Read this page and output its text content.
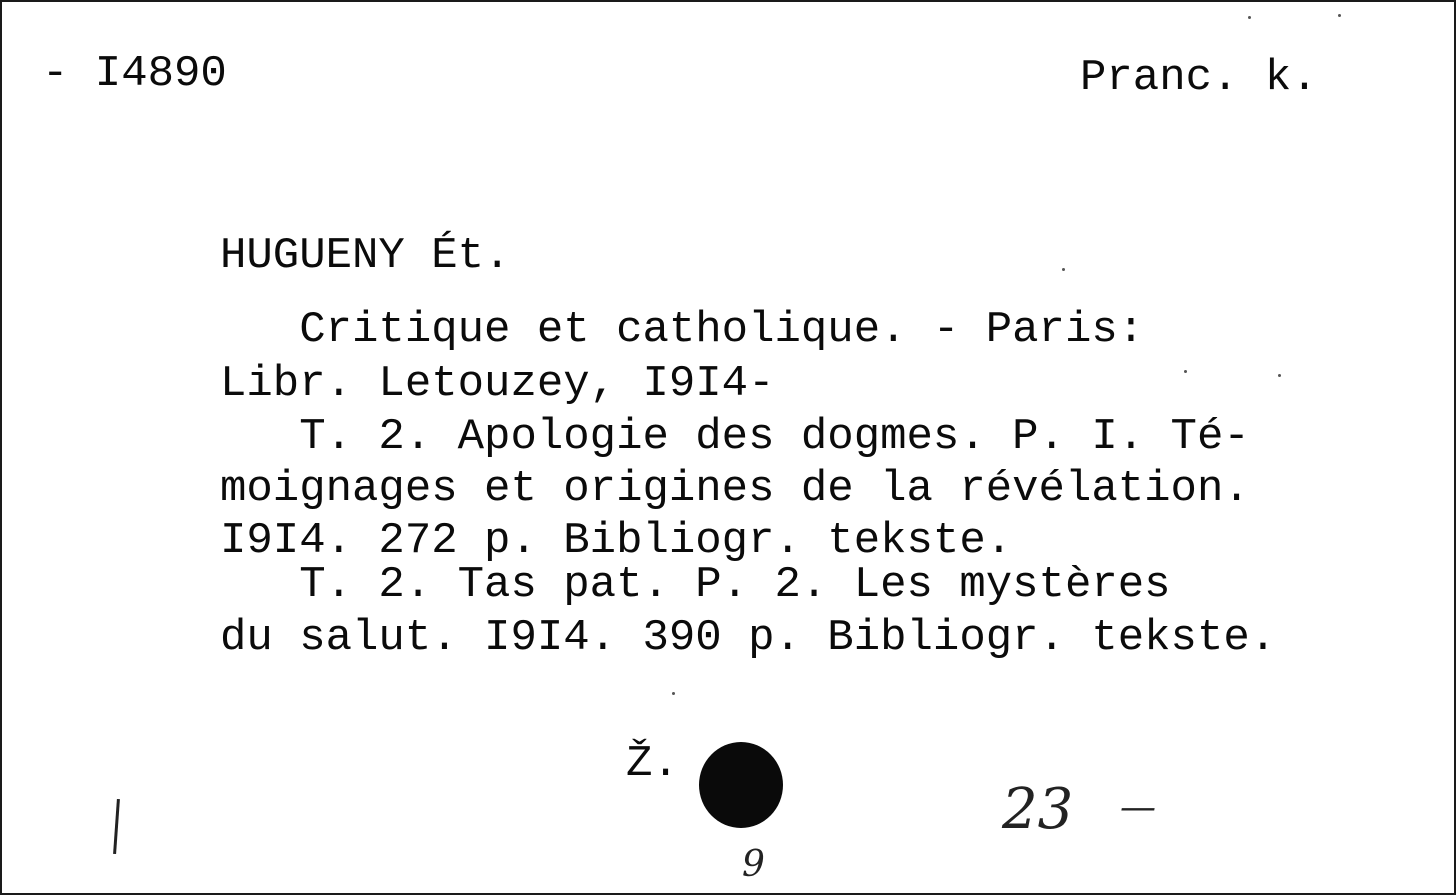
- I4890	Pranc. k.
HUGUENY Ét.
Critique et catholique. - Paris:
Libr. Letouzey, I9I4-
T. 2. Apologie des dogmes. P. I. Té-
moignages et origines de la révélation.
I9I4. 272 p. Bibliogr. tekste.
T. 2. Tas pat. P. 2. Les mystères
du salut. I9I4. 390 p. Bibliogr. tekste.
Ž.
23 —
9
